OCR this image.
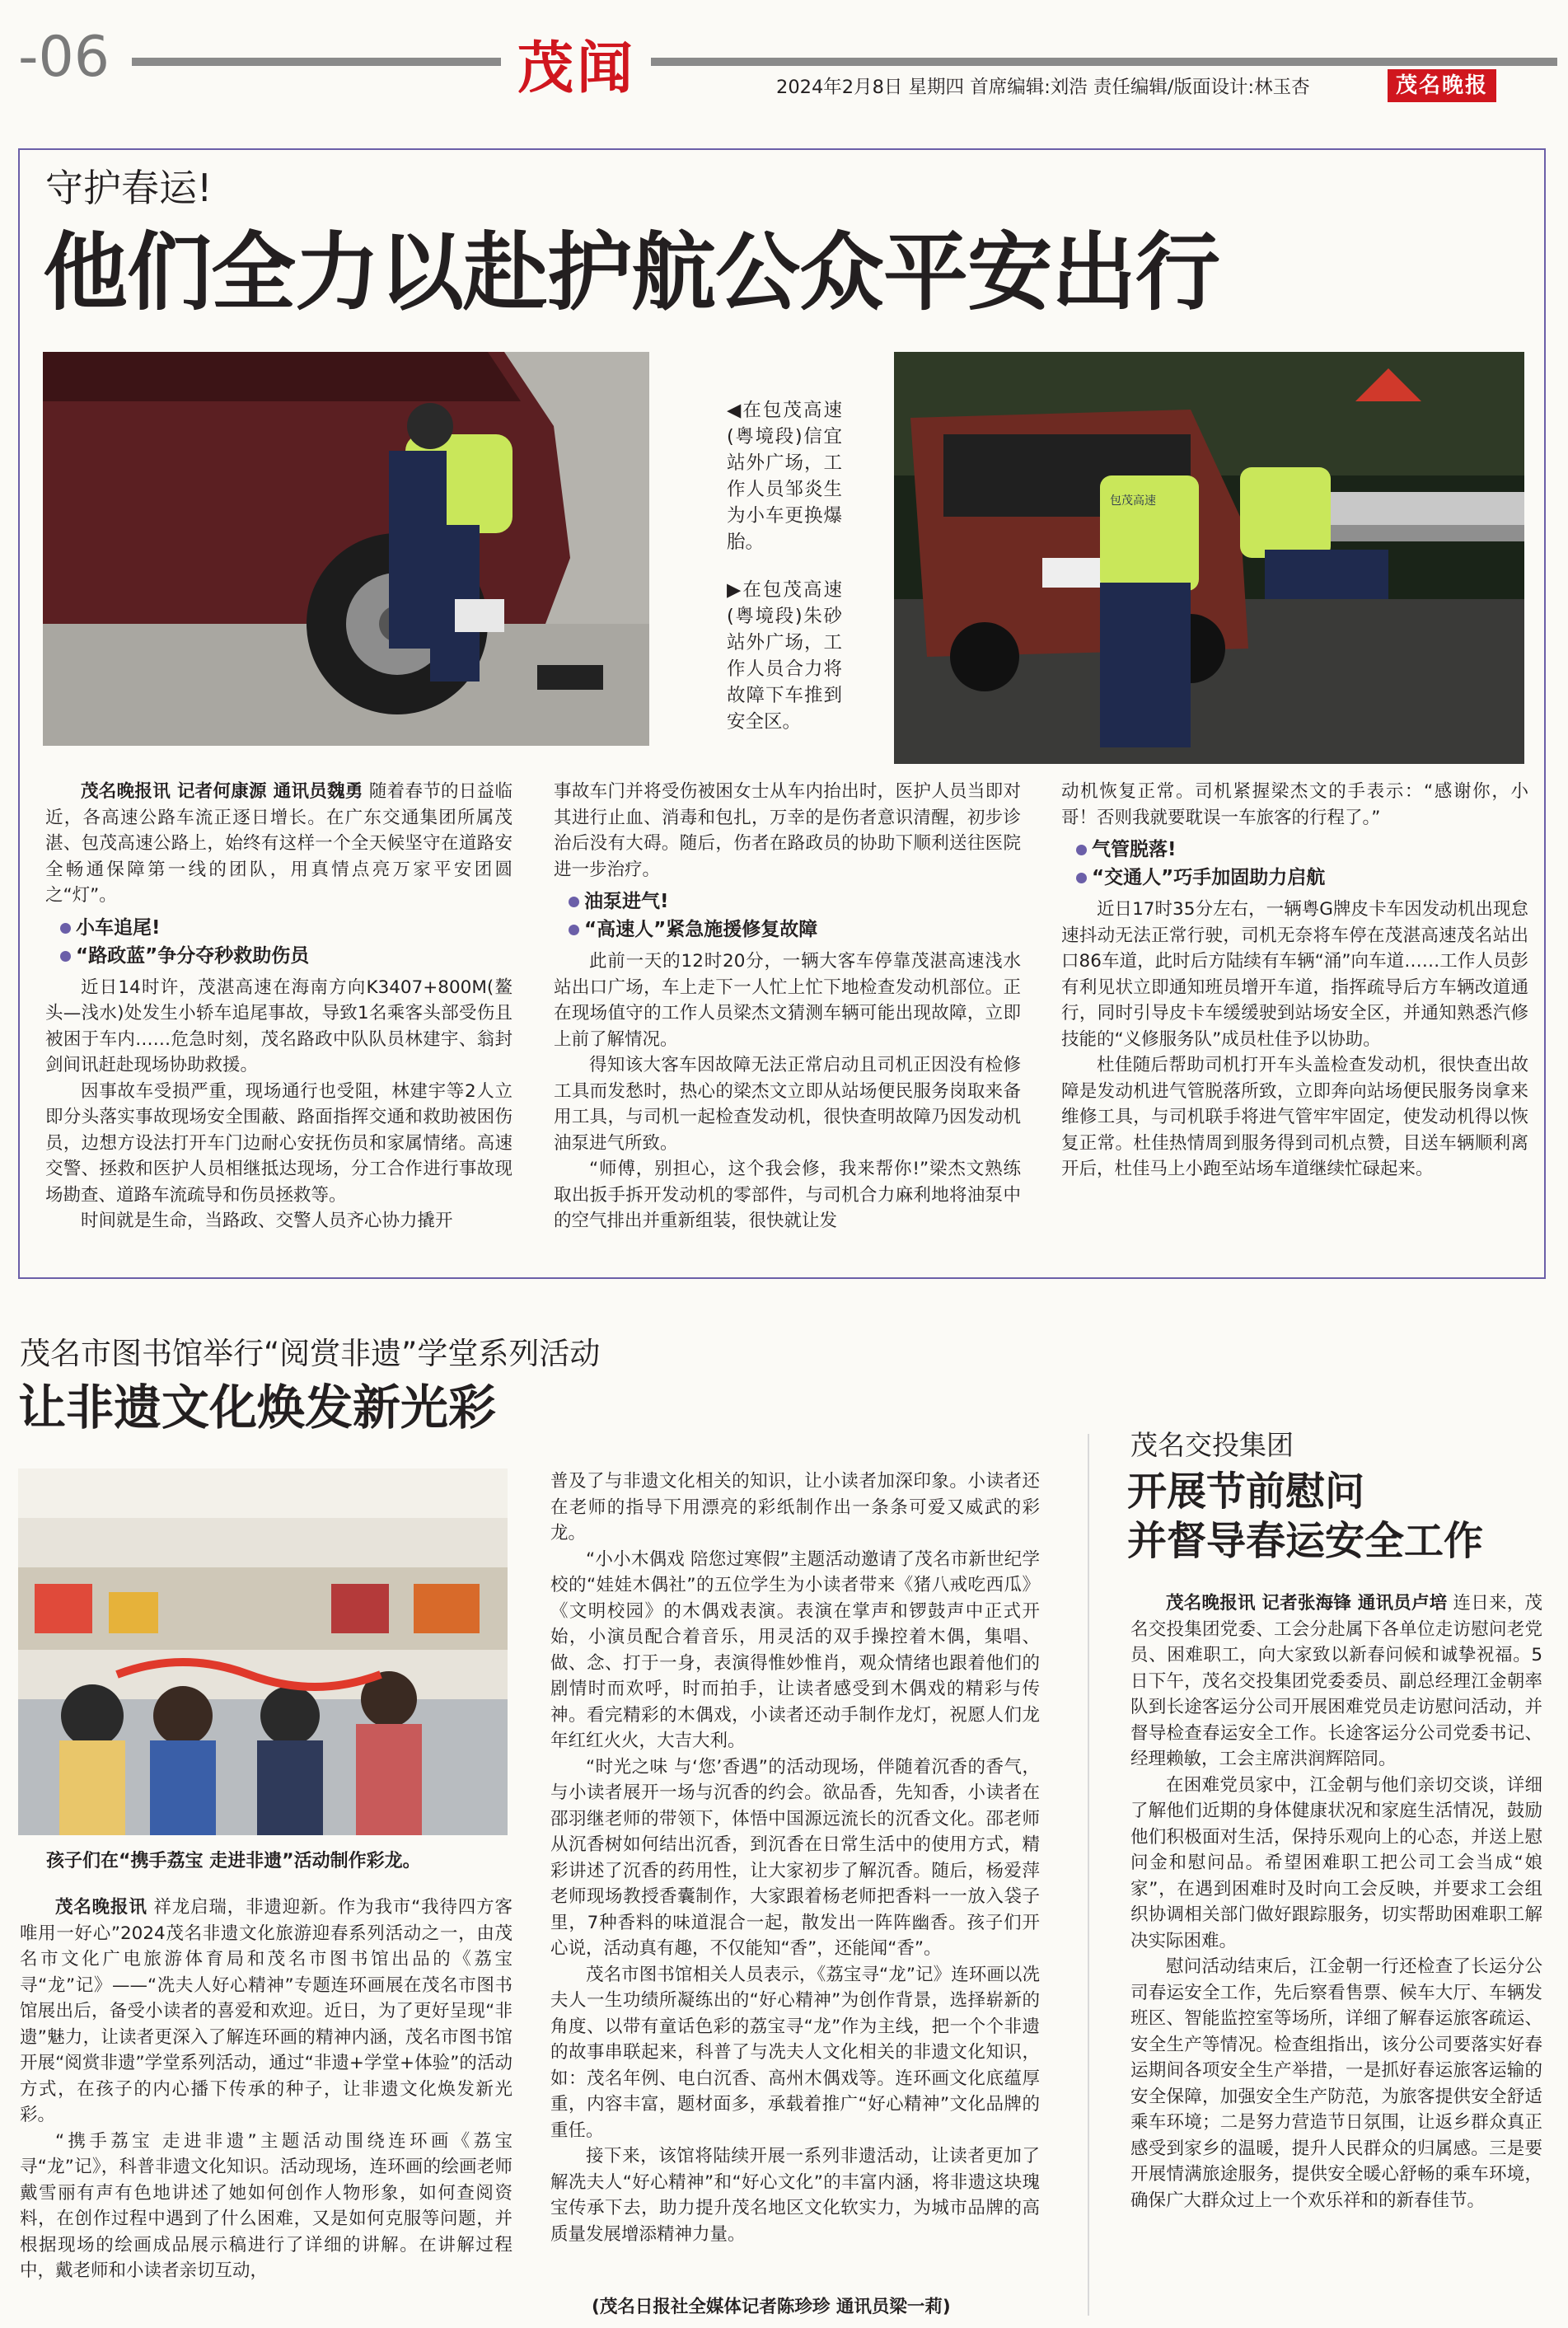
-06	茂闻	2024年2月8日 星期四 首席编辑:刘浩 责任编辑/版面设计:林玉杏	茂名晚报
守护春运!
他们全力以赴护航公众平安出行
◀在包茂高速(粤境段)信宜站外广场，工作人员邹炎生为小车更换爆胎。
▶在包茂高速(粤境段)朱砂站外广场，工作人员合力将故障下车推到安全区。
包茂高速

茂名晚报讯 记者何康源 通讯员魏勇 随着春节的日益临近，各高速公路车流正逐日增长。在广东交通集团所属茂湛、包茂高速公路上，始终有这样一个全天候坚守在道路安全畅通保障第一线的团队，用真情点亮万家平安团圆之“灯”。

小车追尾!
“路政蓝”争分夺秒救助伤员

近日14时许，茂湛高速在海南方向K3407+800M(鳌头—浅水)处发生小轿车追尾事故，导致1名乘客头部受伤且被困于车内……危急时刻，茂名路政中队队员林建宇、翁封剑间讯赶赴现场协助救援。

因事故车受损严重，现场通行也受阻，林建宇等2人立即分头落实事故现场安全围蔽、路面指挥交通和救助被困伤员，边想方设法打开车门边耐心安抚伤员和家属情绪。高速交警、拯救和医护人员相继抵达现场，分工合作进行事故现场勘查、道路车流疏导和伤员拯救等。

时间就是生命，当路政、交警人员齐心协力撬开

事故车门并将受伤被困女士从车内抬出时，医护人员当即对其进行止血、消毒和包扎，万幸的是伤者意识清醒，初步诊治后没有大碍。随后，伤者在路政员的协助下顺利送往医院进一步治疗。

油泵进气!
“高速人”紧急施援修复故障

此前一天的12时20分，一辆大客车停靠茂湛高速浅水站出口广场，车上走下一人忙上忙下地检查发动机部位。正在现场值守的工作人员梁杰文猜测车辆可能出现故障，立即上前了解情况。

得知该大客车因故障无法正常启动且司机正因没有检修工具而发愁时，热心的梁杰文立即从站场便民服务岗取来备用工具，与司机一起检查发动机，很快查明故障乃因发动机油泵进气所致。

“师傅，别担心，这个我会修，我来帮你!”梁杰文熟练取出扳手拆开发动机的零部件，与司机合力麻利地将油泵中的空气排出并重新组装，很快就让发

动机恢复正常。司机紧握梁杰文的手表示：“感谢你，小哥！否则我就要耽误一车旅客的行程了。”

气管脱落!
“交通人”巧手加固助力启航

近日17时35分左右，一辆粤G牌皮卡车因发动机出现怠速抖动无法正常行驶，司机无奈将车停在茂湛高速茂名站出口86车道，此时后方陆续有车辆“涌”向车道……工作人员彭有利见状立即通知班员增开车道，指挥疏导后方车辆改道通行，同时引导皮卡车缓缓驶到站场安全区，并通知熟悉汽修技能的“义修服务队”成员杜佳予以协助。

杜佳随后帮助司机打开车头盖检查发动机，很快查出故障是发动机进气管脱落所致，立即奔向站场便民服务岗拿来维修工具，与司机联手将进气管牢牢固定，使发动机得以恢复正常。杜佳热情周到服务得到司机点赞，目送车辆顺利离开后，杜佳马上小跑至站场车道继续忙碌起来。

茂名市图书馆举行“阅赏非遗”学堂系列活动
让非遗文化焕发新光彩
孩子们在“携手荔宝 走进非遗”活动制作彩龙。

茂名晚报讯 祥龙启瑞，非遗迎新。作为我市“我待四方客 唯用一好心”2024茂名非遗文化旅游迎春系列活动之一，由茂名市文化广电旅游体育局和茂名市图书馆出品的《荔宝寻“龙”记》——“冼夫人好心精神”专题连环画展在茂名市图书馆展出后，备受小读者的喜爱和欢迎。近日，为了更好呈现“非遗”魅力，让读者更深入了解连环画的精神内涵，茂名市图书馆开展“阅赏非遗”学堂系列活动，通过“非遗+学堂+体验”的活动方式，在孩子的内心播下传承的种子，让非遗文化焕发新光彩。

“携手荔宝 走进非遗”主题活动围绕连环画《荔宝寻“龙”记》，科普非遗文化知识。活动现场，连环画的绘画老师戴雪丽有声有色地讲述了她如何创作人物形象，如何查阅资料，在创作过程中遇到了什么困难，又是如何克服等问题，并根据现场的绘画成品展示稿进行了详细的讲解。在讲解过程中，戴老师和小读者亲切互动，

普及了与非遗文化相关的知识，让小读者加深印象。小读者还在老师的指导下用漂亮的彩纸制作出一条条可爱又威武的彩龙。

“小小木偶戏 陪您过寒假”主题活动邀请了茂名市新世纪学校的“娃娃木偶社”的五位学生为小读者带来《猪八戒吃西瓜》《文明校园》的木偶戏表演。表演在掌声和锣鼓声中正式开始，小演员配合着音乐，用灵活的双手操控着木偶，集唱、做、念、打于一身，表演得惟妙惟肖，观众情绪也跟着他们的剧情时而欢呼，时而拍手，让读者感受到木偶戏的精彩与传神。看完精彩的木偶戏，小读者还动手制作龙灯，祝愿人们龙年红红火火，大吉大利。

“时光之味 与‘您’香遇”的活动现场，伴随着沉香的香气，与小读者展开一场与沉香的约会。欲品香，先知香，小读者在邵羽继老师的带领下，体悟中国源远流长的沉香文化。邵老师从沉香树如何结出沉香，到沉香在日常生活中的使用方式，精彩讲述了沉香的药用性，让大家初步了解沉香。随后，杨爱萍老师现场教授香囊制作，大家跟着杨老师把香料一一放入袋子里，7种香料的味道混合一起，散发出一阵阵幽香。孩子们开心说，活动真有趣，不仅能知“香”，还能闻“香”。

茂名市图书馆相关人员表示，《荔宝寻“龙”记》连环画以冼夫人一生功绩所凝练出的“好心精神”为创作背景，选择崭新的角度、以带有童话色彩的荔宝寻“龙”作为主线，把一个个非遗的故事串联起来，科普了与冼夫人文化相关的非遗文化知识，如：茂名年例、电白沉香、高州木偶戏等。连环画文化底蕴厚重，内容丰富，题材面多，承载着推广“好心精神”文化品牌的重任。

接下来，该馆将陆续开展一系列非遗活动，让读者更加了解冼夫人“好心精神”和“好心文化”的丰富内涵，将非遗这块瑰宝传承下去，助力提升茂名地区文化软实力，为城市品牌的高质量发展增添精神力量。

(茂名日报社全媒体记者陈珍珍 通讯员梁一莉)
茂名交投集团
开展节前慰问
并督导春运安全工作

茂名晚报讯 记者张海锋 通讯员卢培 连日来，茂名交投集团党委、工会分赴属下各单位走访慰问老党员、困难职工，向大家致以新春问候和诚挚祝福。5日下午，茂名交投集团党委委员、副总经理江金朝率队到长途客运分公司开展困难党员走访慰问活动，并督导检查春运安全工作。长途客运分公司党委书记、经理赖敏，工会主席洪润辉陪同。

在困难党员家中，江金朝与他们亲切交谈，详细了解他们近期的身体健康状况和家庭生活情况，鼓励他们积极面对生活，保持乐观向上的心态，并送上慰问金和慰问品。希望困难职工把公司工会当成“娘家”，在遇到困难时及时向工会反映，并要求工会组织协调相关部门做好跟踪服务，切实帮助困难职工解决实际困难。

慰问活动结束后，江金朝一行还检查了长运分公司春运安全工作，先后察看售票、候车大厅、车辆发班区、智能监控室等场所，详细了解春运旅客疏运、安全生产等情况。检查组指出，该分公司要落实好春运期间各项安全生产举措，一是抓好春运旅客运输的安全保障，加强安全生产防范，为旅客提供安全舒适乘车环境；二是努力营造节日氛围，让返乡群众真正感受到家乡的温暖，提升人民群众的归属感。三是要开展情满旅途服务，提供安全暖心舒畅的乘车环境，确保广大群众过上一个欢乐祥和的新春佳节。
